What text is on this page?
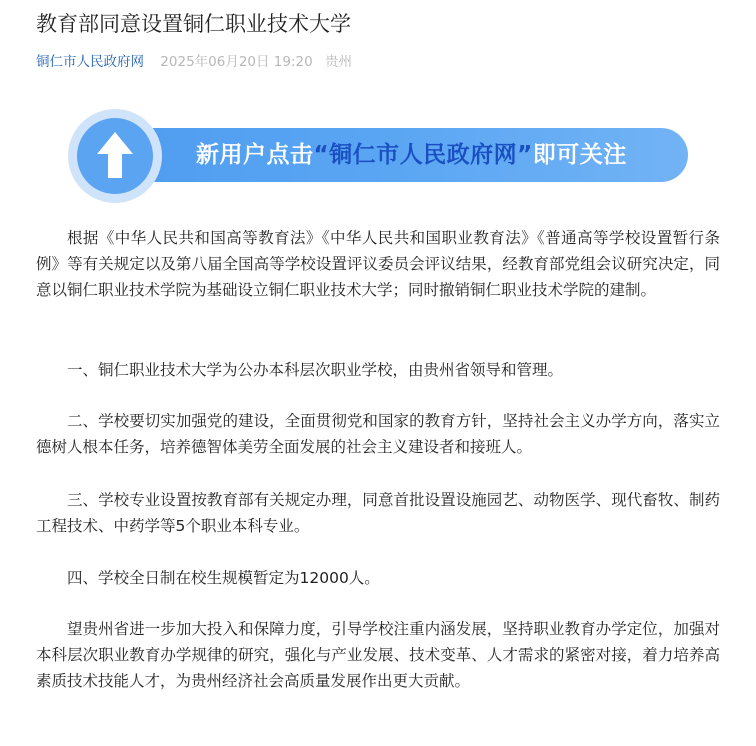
教育部同意设置铜仁职业技术大学
铜仁市人民政府网 2025年06月20日 19:20 贵州
新用户点击“铜仁市人民政府网”即可关注

根据《中华人民共和国高等教育法》《中华人民共和国职业教育法》《普通高等学校设置暂行条例》等有关规定以及第八届全国高等学校设置评议委员会评议结果，经教育部党组会议研究决定，同意以铜仁职业技术学院为基础设立铜仁职业技术大学；同时撤销铜仁职业技术学院的建制。

一、铜仁职业技术大学为公办本科层次职业学校，由贵州省领导和管理。

二、学校要切实加强党的建设，全面贯彻党和国家的教育方针，坚持社会主义办学方向，落实立德树人根本任务，培养德智体美劳全面发展的社会主义建设者和接班人。

三、学校专业设置按教育部有关规定办理，同意首批设置设施园艺、动物医学、现代畜牧、制药工程技术、中药学等5个职业本科专业。

四、学校全日制在校生规模暂定为12000人。

望贵州省进一步加大投入和保障力度，引导学校注重内涵发展，坚持职业教育办学定位，加强对本科层次职业教育办学规律的研究，强化与产业发展、技术变革、人才需求的紧密对接，着力培养高素质技术技能人才，为贵州经济社会高质量发展作出更大贡献。
